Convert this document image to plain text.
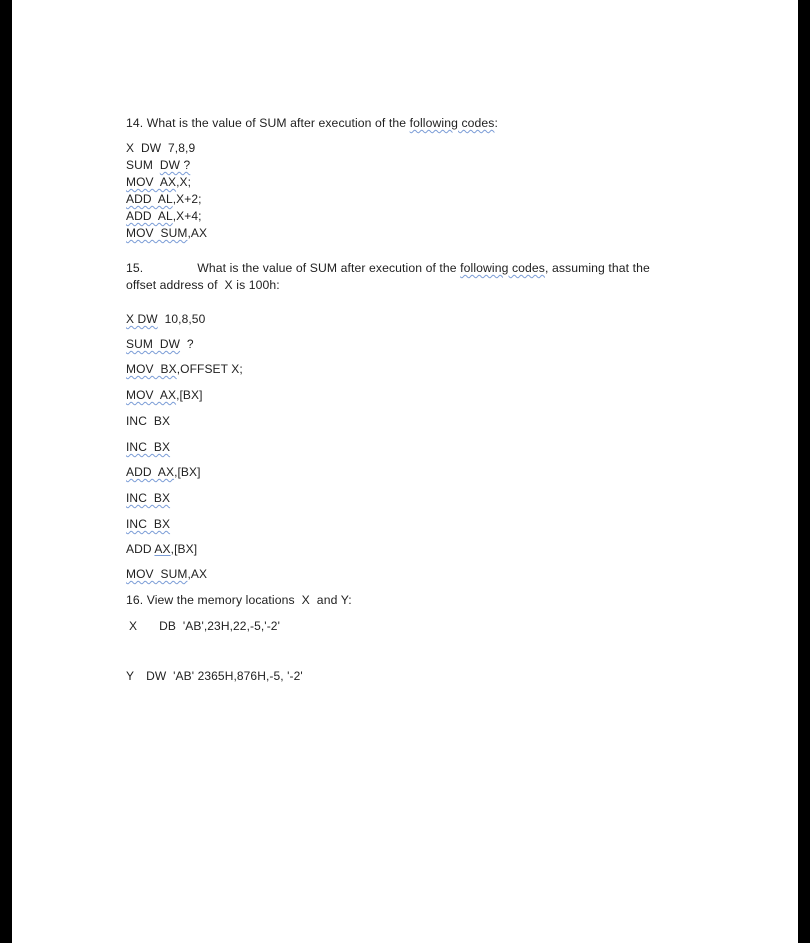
14. What is the value of SUM after execution of the following codes:
X  DW  7,8,9
SUM  DW ?
MOV  AX,X;
ADD  AL,X+2;
ADD  AL,X+4;
MOV  SUM,AX
15.	What is the value of SUM after execution of the following codes, assuming that the
offset address of  X is 100h:
X DW  10,8,50
SUM  DW  ?
MOV  BX,OFFSET X;
MOV  AX,[BX]
INC  BX
INC  BX
ADD  AX,[BX]
INC  BX
INC  BX
ADD AX,[BX]
MOV  SUM,AX
16. View the memory locations  X  and Y:
X DB  'AB',23H,22,-5,'-2'
Y DW  'AB' 2365H,876H,-5, '-2'
